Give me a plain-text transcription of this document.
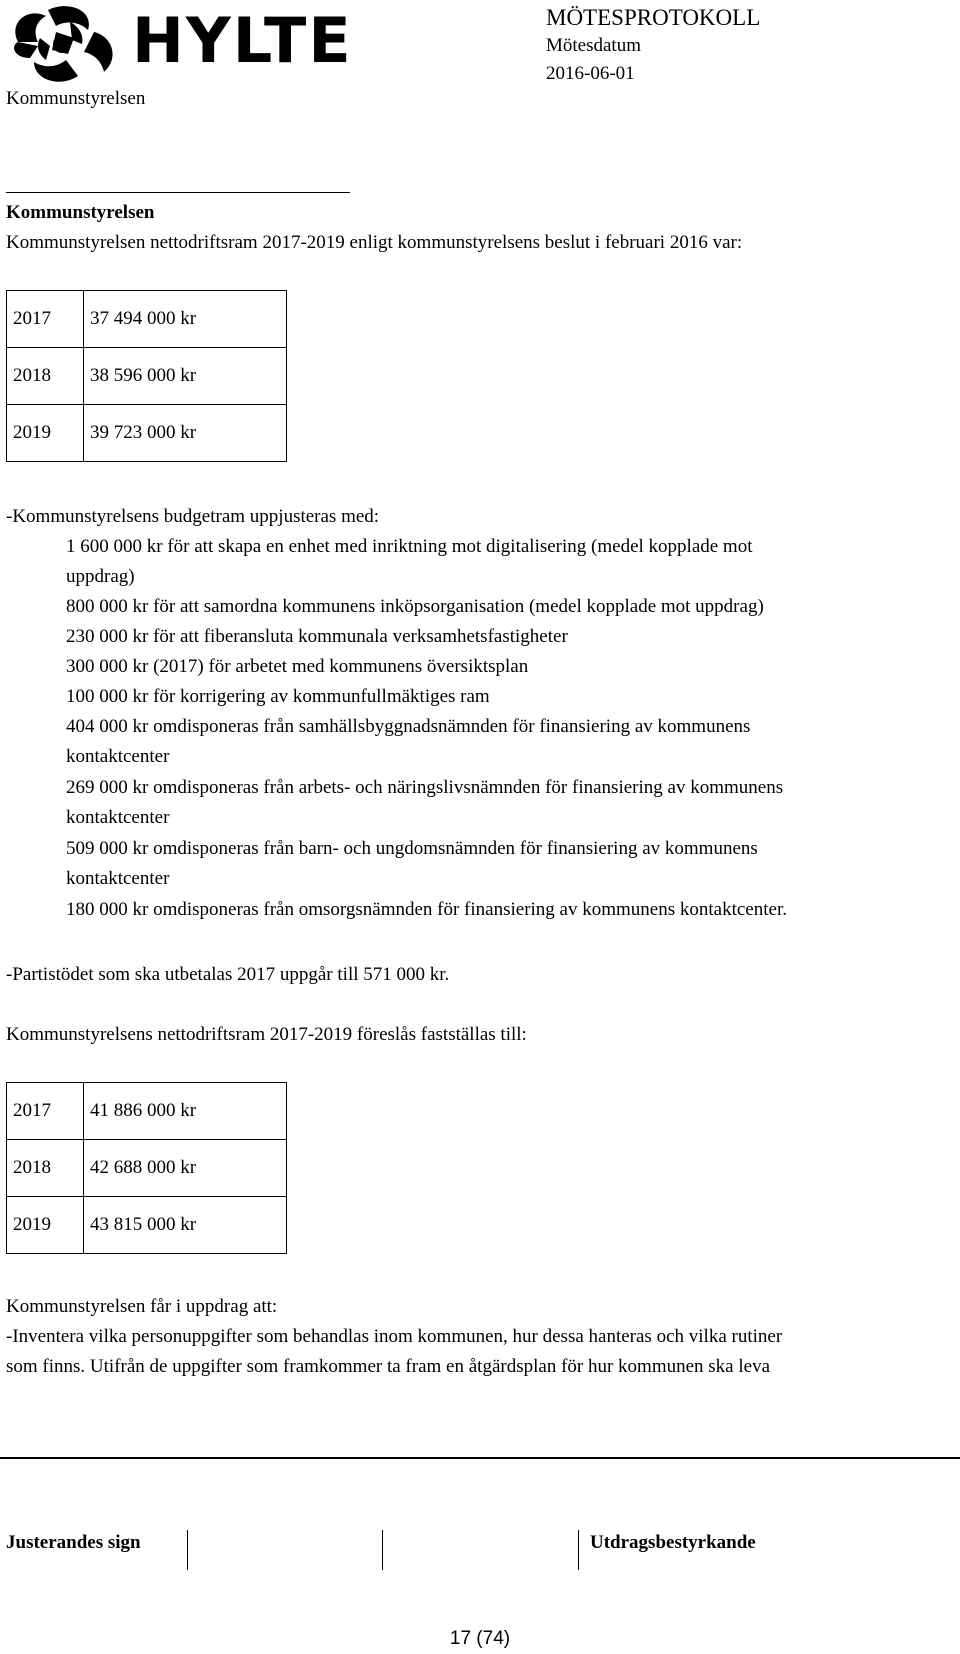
HYLTE	MÖTESPROTOKOLL
Mötesdatum
2016-06-01
Kommunstyrelsen
Kommunstyrelsen
Kommunstyrelsen nettodriftsram 2017-2019 enligt kommunstyrelsens beslut i februari 2016 var:
2017	37 494 000 kr
2018	38 596 000 kr
2019	39 723 000 kr
-Kommunstyrelsens budgetram uppjusteras med:
1 600 000 kr för att skapa en enhet med inriktning mot digitalisering (medel kopplade mot
uppdrag)
800 000 kr för att samordna kommunens inköpsorganisation (medel kopplade mot uppdrag)
230 000 kr för att fiberansluta kommunala verksamhetsfastigheter
300 000 kr (2017) för arbetet med kommunens översiktsplan
100 000 kr för korrigering av kommunfullmäktiges ram
404 000 kr omdisponeras från samhällsbyggnadsnämnden för finansiering av kommunens
kontaktcenter
269 000 kr omdisponeras från arbets- och näringslivsnämnden för finansiering av kommunens
kontaktcenter
509 000 kr omdisponeras från barn- och ungdomsnämnden för finansiering av kommunens
kontaktcenter
180 000 kr omdisponeras från omsorgsnämnden för finansiering av kommunens kontaktcenter.
-Partistödet som ska utbetalas 2017 uppgår till 571 000 kr.
Kommunstyrelsens nettodriftsram 2017-2019 föreslås fastställas till:
2017	41 886 000 kr
2018	42 688 000 kr
2019	43 815 000 kr
Kommunstyrelsen får i uppdrag att:
-Inventera vilka personuppgifter som behandlas inom kommunen, hur dessa hanteras och vilka rutiner
som finns. Utifrån de uppgifter som framkommer ta fram en åtgärdsplan för hur kommunen ska leva
Justerandes sign	Utdragsbestyrkande
17 (74)
